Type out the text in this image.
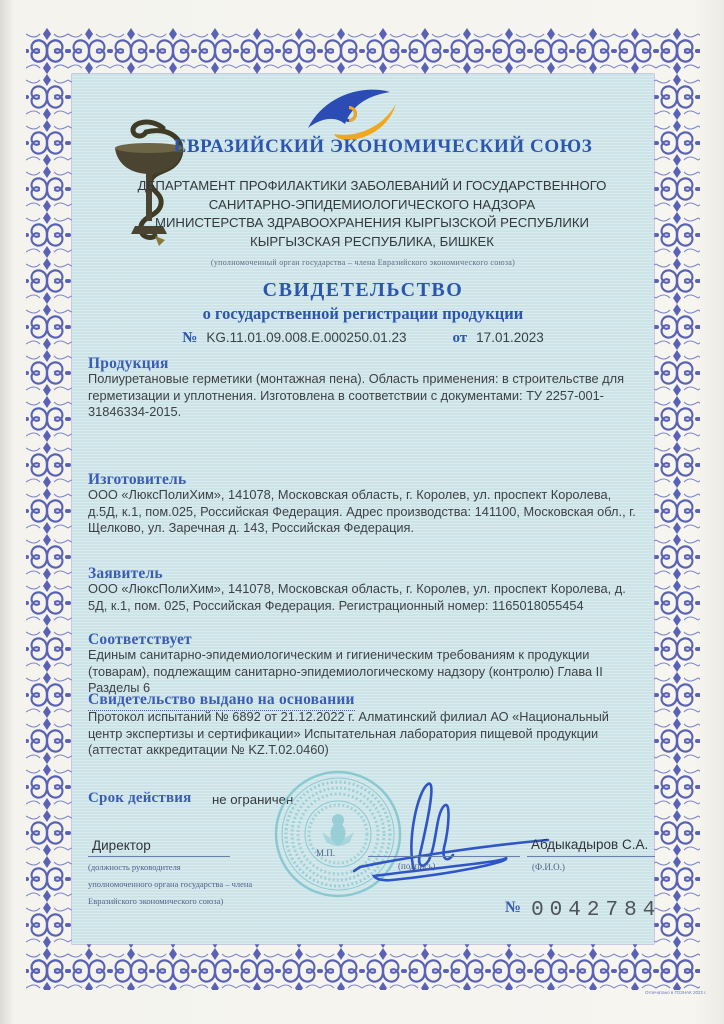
ЕВРАЗИЙСКИЙ ЭКОНОМИЧЕСКИЙ СОЮЗ
ДЕПАРТАМЕНТ ПРОФИЛАКТИКИ ЗАБОЛЕВАНИЙ И ГОСУДАРСТВЕННОГО
САНИТАРНО-ЭПИДЕМИОЛОГИЧЕСКОГО НАДЗОРА
МИНИСТЕРСТВА ЗДРАВООХРАНЕНИЯ КЫРГЫЗСКОЙ РЕСПУБЛИКИ
КЫРГЫЗСКАЯ РЕСПУБЛИКА, БИШКЕК
(уполномоченный орган государства – члена Евразийского экономического союза)
СВИДЕТЕЛЬСТВО
о государственной регистрации продукции
№ KG.11.01.09.008.E.000250.01.23	от 17.01.2023
Продукция
Полиуретановые герметики (монтажная пена). Область применения: в строительстве для герметизации и уплотнения. Изготовлена в соответствии с документами: ТУ 2257-001-31846334-2015.
Изготовитель
ООО «ЛюксПолиХим», 141078, Московская область, г. Королев, ул. проспект Королева, д.5Д, к.1, пом.025, Российская Федерация. Адрес производства: 141100, Московская обл., г. Щелково, ул. Заречная д. 143, Российская Федерация.
Заявитель
ООО «ЛюксПолиХим», 141078, Московская область, г. Королев, ул. проспект Королева, д. 5Д, к.1, пом. 025, Российская Федерация. Регистрационный номер: 1165018055454
Соответствует
Единым санитарно-эпидемиологическим и гигиеническим требованиям к продукции (товарам), подлежащим санитарно-эпидемиологическому надзору (контролю) Глава II Разделы 6
Свидетельство выдано на основании
Протокол испытаний № 6892 от 21.12.2022 г. Алматинский филиал АО «Национальный центр экспертизы и сертификации» Испытательная лаборатория пищевой продукции (аттестат аккредитации № KZ.T.02.0460)
Срок действия не ограничен
М.П.
Директор
(должность руководителя
уполномоченного органа государства – члена
Евразийского экономического союза)
(подпись)
Абдыкадыров С.А.
(Ф.И.О.)
№ 0042784
Отпечатано в ГОЗНАК 2022 г.
